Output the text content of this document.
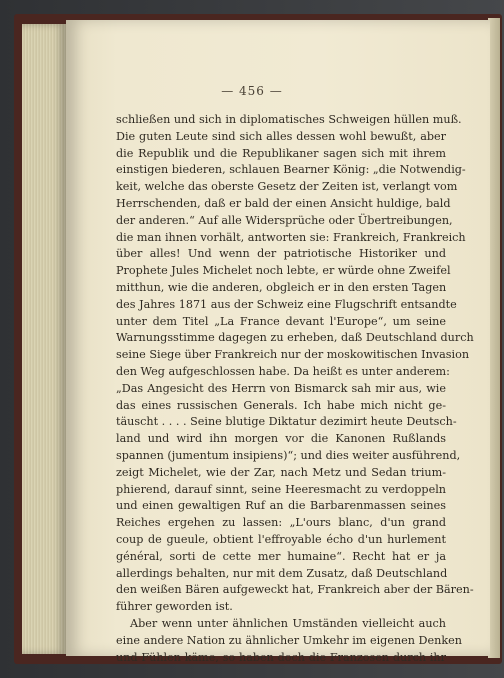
— 456 —
schließen und sich in diplomatisches Schweigen hüllen muß.
Die guten Leute sind sich alles dessen wohl bewußt, aber
die Republik und die Republikaner sagen sich mit ihrem
einstigen biederen, schlauen Bearner König: „die Notwendig-
keit, welche das oberste Gesetz der Zeiten ist, verlangt vom
Herrschenden, daß er bald der einen Ansicht huldige, bald
der anderen.“ Auf alle Widersprüche oder Übertreibungen,
die man ihnen vorhält, antworten sie: Frankreich, Frankreich
über alles! Und wenn der patriotische Historiker und
Prophete Jules Michelet noch lebte, er würde ohne Zweifel
mitthun, wie die anderen, obgleich er in den ersten Tagen
des Jahres 1871 aus der Schweiz eine Flugschrift entsandte
unter dem Titel „La France devant l'Europe“, um seine
Warnungsstimme dagegen zu erheben, daß Deutschland durch
seine Siege über Frankreich nur der moskowitischen Invasion
den Weg aufgeschlossen habe. Da heißt es unter anderem:
„Das Angesicht des Herrn von Bismarck sah mir aus, wie
das eines russischen Generals. Ich habe mich nicht ge-
täuscht . . . . Seine blutige Diktatur dezimirt heute Deutsch-
land und wird ihn morgen vor die Kanonen Rußlands
spannen (jumentum insipiens)“; und dies weiter ausführend,
zeigt Michelet, wie der Zar, nach Metz und Sedan trium-
phierend, darauf sinnt, seine Heeresmacht zu verdoppeln
und einen gewaltigen Ruf an die Barbarenmassen seines
Reiches ergehen zu lassen: „L'ours blanc, d'un grand
coup de gueule, obtient l'effroyable écho d'un hurlement
général, sorti de cette mer humaine“. Recht hat er ja
allerdings behalten, nur mit dem Zusatz, daß Deutschland
den weißen Bären aufgeweckt hat, Frankreich aber der Bären-
führer geworden ist.
Aber wenn unter ähnlichen Umständen vielleicht auch
eine andere Nation zu ähnlicher Umkehr im eigenen Denken
und Fühlen käme, so haben doch die Franzosen durch ihr
